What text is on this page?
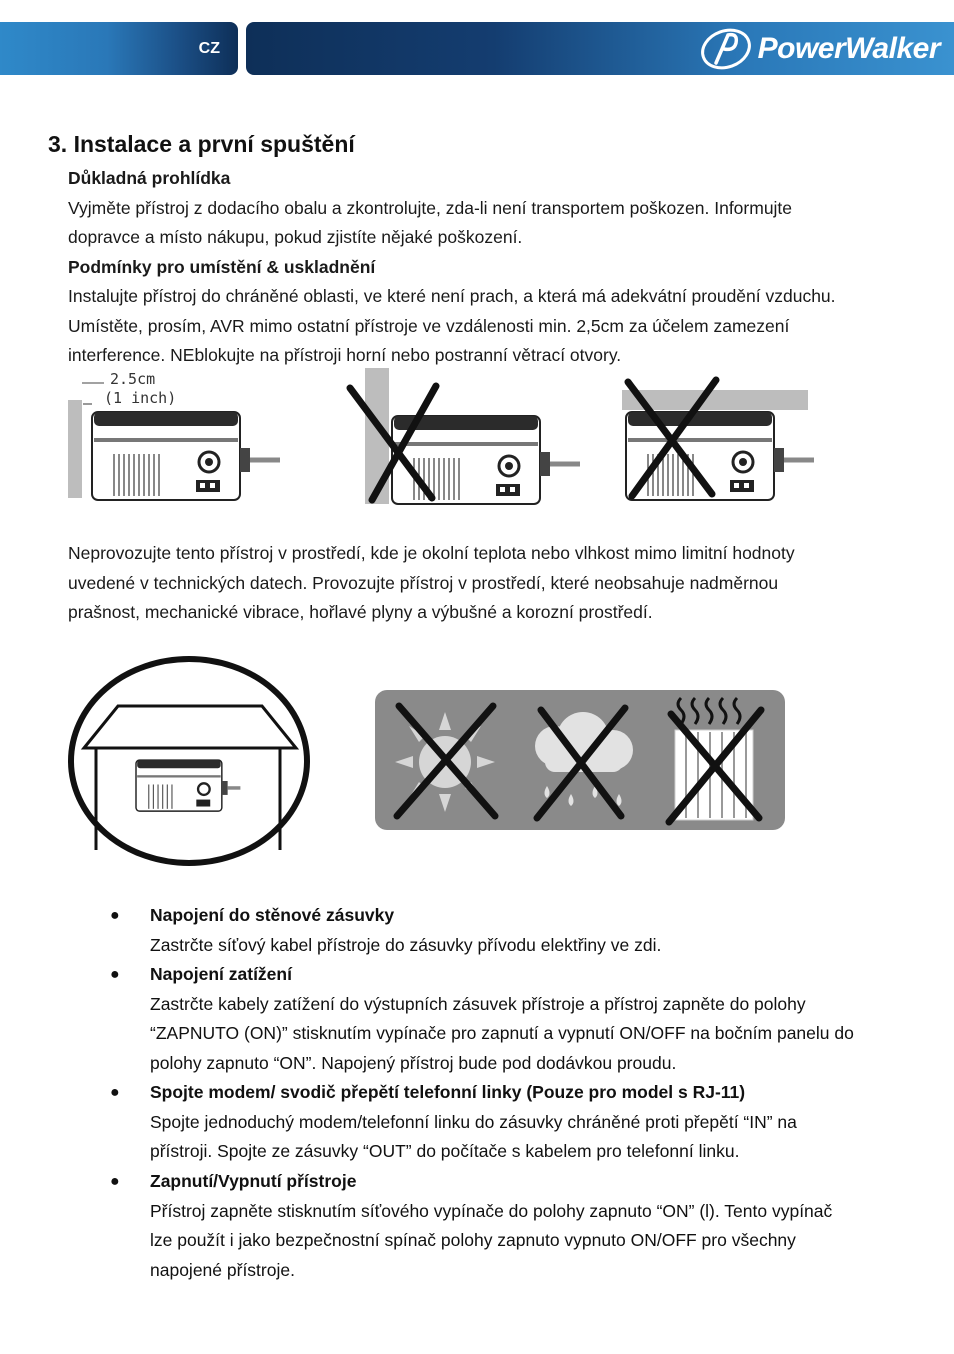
CZ	PowerWalker
3. Instalace a první spuštění
Důkladná prohlídka
Vyjměte přístroj z dodacího obalu a zkontrolujte, zda-li není transportem poškozen. Informujte
dopravce a místo nákupu, pokud zjistíte nějaké poškození.
Podmínky pro umístění & uskladnění
Instalujte přístroj do chráněné oblasti, ve které není prach, a která má adekvátní proudění vzduchu.
Umístěte, prosím, AVR mimo ostatní přístroje ve vzdálenosti min. 2,5cm za účelem zamezení
interference. NEblokujte na přístroji horní nebo postranní větrací otvory.
2.5cm
(1 inch)
Neprovozujte tento přístroj v prostředí, kde je okolní teplota nebo vlhkost mimo limitní hodnoty
uvedené v technických datech. Provozujte přístroj v prostředí, které neobsahuje nadměrnou
prašnost, mechanické vibrace, hořlavé plyny a výbušné a korozní prostředí.
● Napojení do stěnové zásuvky
Zastrčte síťový kabel přístroje do zásuvky přívodu elektřiny ve zdi.
● Napojení zatížení
Zastrčte kabely zatížení do výstupních zásuvek přístroje a přístroj zapněte do polohy
“ZAPNUTO (ON)” stisknutím vypínače pro zapnutí a vypnutí ON/OFF na bočním panelu do
polohy zapnuto “ON”. Napojený přístroj bude pod dodávkou proudu.
● Spojte modem/ svodič přepětí telefonní linky (Pouze pro model s RJ-11)
Spojte jednoduchý modem/telefonní linku do zásuvky chráněné proti přepětí “IN” na
přístroji. Spojte ze zásuvky “OUT” do počítače s kabelem pro telefonní linku.
● Zapnutí/Vypnutí přístroje
Přístroj zapněte stisknutím síťového vypínače do polohy zapnuto “ON” (l). Tento vypínač
lze použít i jako bezpečnostní spínač polohy zapnuto vypnuto ON/OFF pro všechny
napojené přístroje.
